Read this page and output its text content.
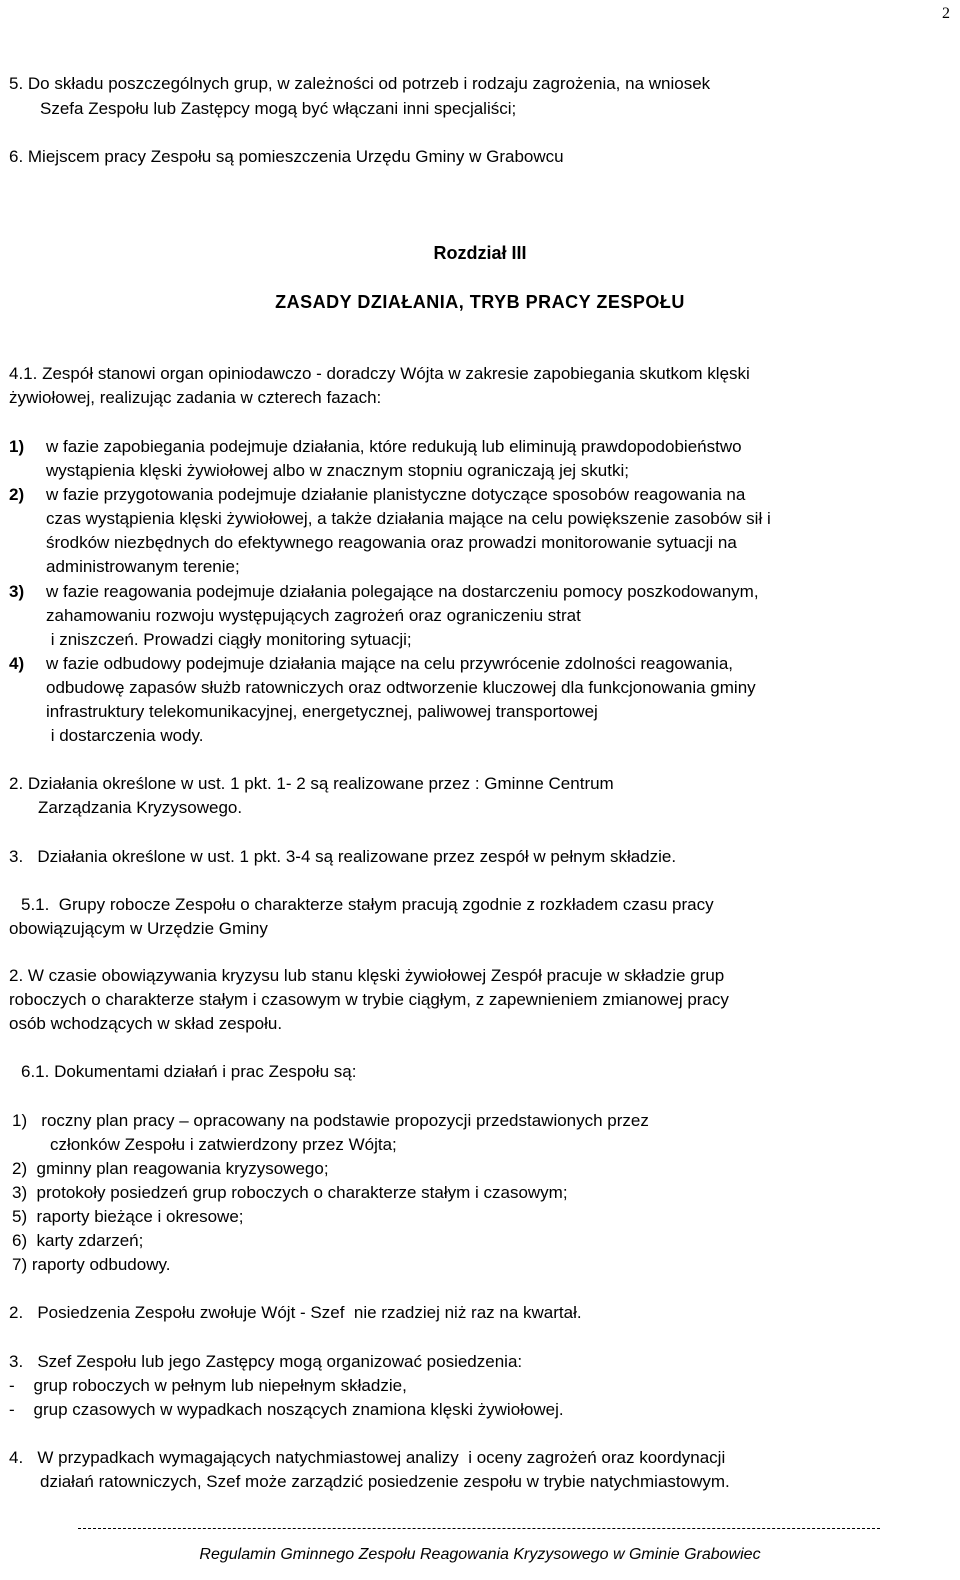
2
5. Do składu poszczególnych grup, w zależności od potrzeb i rodzaju zagrożenia, na wniosek
Szefa Zespołu lub Zastępcy mogą być włączani inni specjaliści;
6. Miejscem pracy Zespołu są pomieszczenia Urzędu Gminy w Grabowcu
Rozdział III
ZASADY DZIAŁANIA, TRYB PRACY ZESPOŁU
4.1. Zespół stanowi organ opiniodawczo - doradczy Wójta w zakresie zapobiegania skutkom klęski
żywiołowej, realizując zadania w czterech fazach:
1) w fazie zapobiegania podejmuje działania, które redukują lub eliminują prawdopodobieństwo
wystąpienia klęski żywiołowej albo w znacznym stopniu ograniczają jej skutki;
2) w fazie przygotowania podejmuje działanie planistyczne dotyczące sposobów reagowania na
czas wystąpienia klęski żywiołowej, a także działania mające na celu powiększenie zasobów sił i
środków niezbędnych do efektywnego reagowania oraz prowadzi monitorowanie sytuacji na
administrowanym terenie;
3) w fazie reagowania podejmuje działania polegające na dostarczeniu pomocy poszkodowanym,
zahamowaniu rozwoju występujących zagrożeń oraz ograniczeniu strat
i zniszczeń. Prowadzi ciągły monitoring sytuacji;
4) w fazie odbudowy podejmuje działania mające na celu przywrócenie zdolności reagowania,
odbudowę zapasów służb ratowniczych oraz odtworzenie kluczowej dla funkcjonowania gminy
infrastruktury telekomunikacyjnej, energetycznej, paliwowej transportowej
i dostarczenia wody.
2. Działania określone w ust. 1 pkt. 1- 2 są realizowane przez : Gminne Centrum
Zarządzania Kryzysowego.
3.   Działania określone w ust. 1 pkt. 3-4 są realizowane przez zespół w pełnym składzie.
5.1.  Grupy robocze Zespołu o charakterze stałym pracują zgodnie z rozkładem czasu pracy
obowiązującym w Urzędzie Gminy
2. W czasie obowiązywania kryzysu lub stanu klęski żywiołowej Zespół pracuje w składzie grup
roboczych o charakterze stałym i czasowym w trybie ciągłym, z zapewnieniem zmianowej pracy
osób wchodzących w skład zespołu.
6.1. Dokumentami działań i prac Zespołu są:
1)   roczny plan pracy – opracowany na podstawie propozycji przedstawionych przez
członków Zespołu i zatwierdzony przez Wójta;
2)  gminny plan reagowania kryzysowego;
3)  protokoły posiedzeń grup roboczych o charakterze stałym i czasowym;
5)  raporty bieżące i okresowe;
6)  karty zdarzeń;
7) raporty odbudowy.
2.   Posiedzenia Zespołu zwołuje Wójt - Szef  nie rzadziej niż raz na kwartał.
3.   Szef Zespołu lub jego Zastępcy mogą organizować posiedzenia:
-    grup roboczych w pełnym lub niepełnym składzie,
-    grup czasowych w wypadkach noszących znamiona klęski żywiołowej.
4.   W przypadkach wymagających natychmiastowej analizy  i oceny zagrożeń oraz koordynacji
działań ratowniczych, Szef może zarządzić posiedzenie zespołu w trybie natychmiastowym.
Regulamin Gminnego Zespołu Reagowania Kryzysowego w Gminie Grabowiec
